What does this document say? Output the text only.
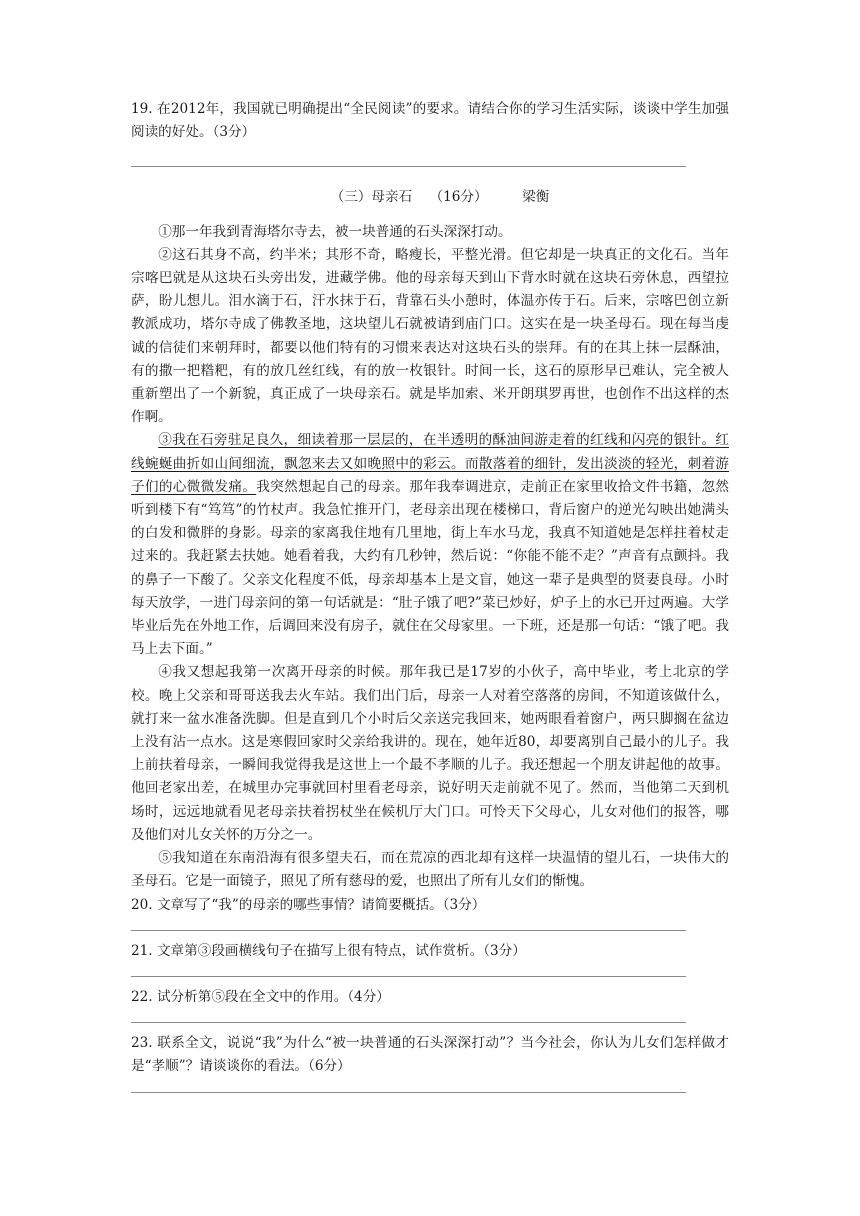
19. 在2012年，我国就已明确提出“全民阅读”的要求。请结合你的学习生活实际，谈谈中学生加强阅读的好处。（3分）

（三）母亲石 （16分）	梁衡

①那一年我到青海塔尔寺去，被一块普通的石头深深打动。

②这石其身不高，约半米；其形不奇，略瘦长，平整光滑。但它却是一块真正的文化石。当年宗喀巴就是从这块石头旁出发，进藏学佛。他的母亲每天到山下背水时就在这块石旁休息，西望拉萨，盼儿想儿。泪水滴于石，汗水抹于石，背靠石头小憩时，体温亦传于石。后来，宗喀巴创立新教派成功，塔尔寺成了佛教圣地，这块望儿石就被请到庙门口。这实在是一块圣母石。现在每当虔诚的信徒们来朝拜时，都要以他们特有的习惯来表达对这块石头的崇拜。有的在其上抹一层酥油，有的撒一把糌粑，有的放几丝红线，有的放一枚银针。时间一长，这石的原形早已难认，完全被人重新塑出了一个新貌，真正成了一块母亲石。就是毕加索、米开朗琪罗再世，也创作不出这样的杰作啊。

③我在石旁驻足良久，细读着那一层层的，在半透明的酥油间游走着的红线和闪亮的银针。红线蜿蜒曲折如山间细流，飘忽来去又如晚照中的彩云。而散落着的细针，发出淡淡的轻光，刺着游子们的心微微发痛。我突然想起自己的母亲。那年我奉调进京，走前正在家里收拾文件书籍，忽然听到楼下有“笃笃”的竹杖声。我急忙推开门，老母亲出现在楼梯口，背后窗户的逆光勾映出她满头的白发和微胖的身影。母亲的家离我住地有几里地，街上车水马龙，我真不知道她是怎样拄着杖走过来的。我赶紧去扶她。她看着我，大约有几秒钟，然后说：“你能不能不走？”声音有点颤抖。我的鼻子一下酸了。父亲文化程度不低，母亲却基本上是文盲，她这一辈子是典型的贤妻良母。小时每天放学，一进门母亲问的第一句话就是：“肚子饿了吧?”菜已炒好，炉子上的水已开过两遍。大学毕业后先在外地工作，后调回来没有房子，就住在父母家里。一下班，还是那一句话：“饿了吧。我马上去下面。”

④我又想起我第一次离开母亲的时候。那年我已是17岁的小伙子，高中毕业，考上北京的学校。晚上父亲和哥哥送我去火车站。我们出门后，母亲一人对着空落落的房间，不知道该做什么，就打来一盆水准备洗脚。但是直到几个小时后父亲送完我回来，她两眼看着窗户，两只脚搁在盆边上没有沾一点水。这是寒假回家时父亲给我讲的。现在，她年近80，却要离别自己最小的儿子。我上前扶着母亲，一瞬间我觉得我是这世上一个最不孝顺的儿子。我还想起一个朋友讲起他的故事。他回老家出差，在城里办完事就回村里看老母亲，说好明天走前就不见了。然而，当他第二天到机场时，远远地就看见老母亲扶着拐杖坐在候机厅大门口。可怜天下父母心，儿女对他们的报答，哪及他们对儿女关怀的万分之一。

⑤我知道在东南沿海有很多望夫石，而在荒凉的西北却有这样一块温情的望儿石，一块伟大的圣母石。它是一面镜子，照见了所有慈母的爱，也照出了所有儿女们的惭愧。

20. 文章写了“我”的母亲的哪些事情？请简要概括。（3分）

21. 文章第③段画横线句子在描写上很有特点，试作赏析。（3分）

22. 试分析第⑤段在全文中的作用。（4分）

23. 联系全文，说说“我”为什么“被一块普通的石头深深打动”？当今社会，你认为儿女们怎样做才是“孝顺”？请谈谈你的看法。（6分）
